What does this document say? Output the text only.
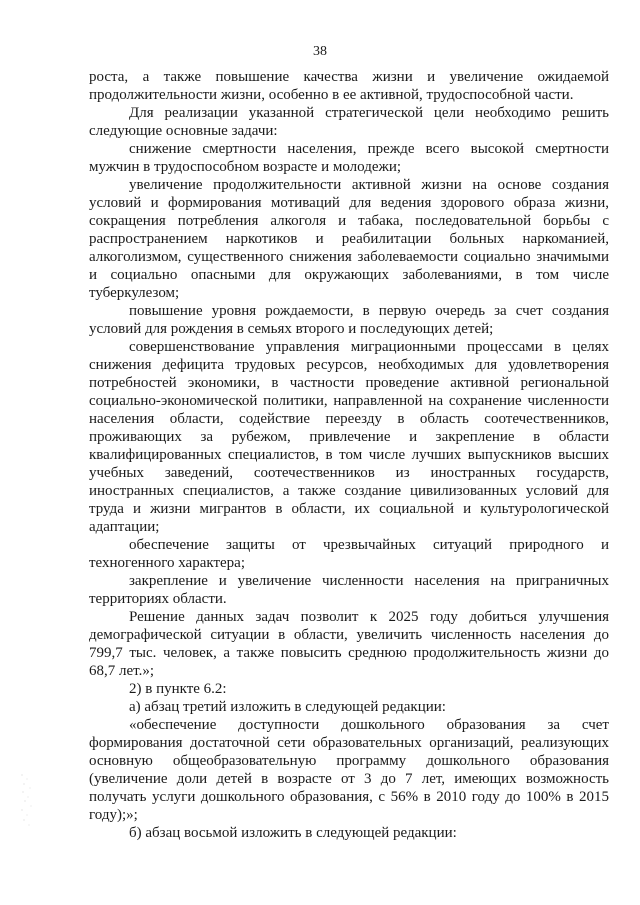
38

роста, а также повышение качества жизни и увеличение ожидаемой продолжительности жизни, особенно в ее активной, трудоспособной части.

Для реализации указанной стратегической цели необходимо решить следующие основные задачи:

снижение смертности населения, прежде всего высокой смертности мужчин в трудоспособном возрасте и молодежи;

увеличение продолжительности активной жизни на основе создания условий и формирования мотиваций для ведения здорового образа жизни, сокращения потребления алкоголя и табака, последовательной борьбы с распространением наркотиков и реабилитации больных наркоманией, алкоголизмом, существенного снижения заболеваемости социально значимыми и социально опасными для окружающих заболеваниями, в том числе туберкулезом;

повышение уровня рождаемости, в первую очередь за счет создания условий для рождения в семьях второго и последующих детей;

совершенствование управления миграционными процессами в целях снижения дефицита трудовых ресурсов, необходимых для удовлетворения потребностей экономики, в частности проведение активной региональной социально-экономической политики, направленной на сохранение численности населения области, содействие переезду в область соотечественников, проживающих за рубежом, привлечение и закрепление в области квалифицированных специалистов, в том числе лучших выпускников высших учебных заведений, соотечественников из иностранных государств, иностранных специалистов, а также создание цивилизованных условий для труда и жизни мигрантов в области, их социальной и культурологической адаптации;

обеспечение защиты от чрезвычайных ситуаций природного и техногенного характера;

закрепление и увеличение численности населения на приграничных территориях области.

Решение данных задач позволит к 2025 году добиться улучшения демографической ситуации в области, увеличить численность населения до 799,7 тыс. человек, а также повысить среднюю продолжительность жизни до 68,7 лет.»;

2) в пункте 6.2:

а) абзац третий изложить в следующей редакции:

«обеспечение доступности дошкольного образования за счет формирования достаточной сети образовательных организаций, реализующих основную общеобразовательную программу дошкольного образования (увеличение доли детей в возрасте от 3 до 7 лет, имеющих возможность получать услуги дошкольного образования, с 56% в 2010 году до 100% в 2015 году);»;

б) абзац восьмой изложить в следующей редакции:
